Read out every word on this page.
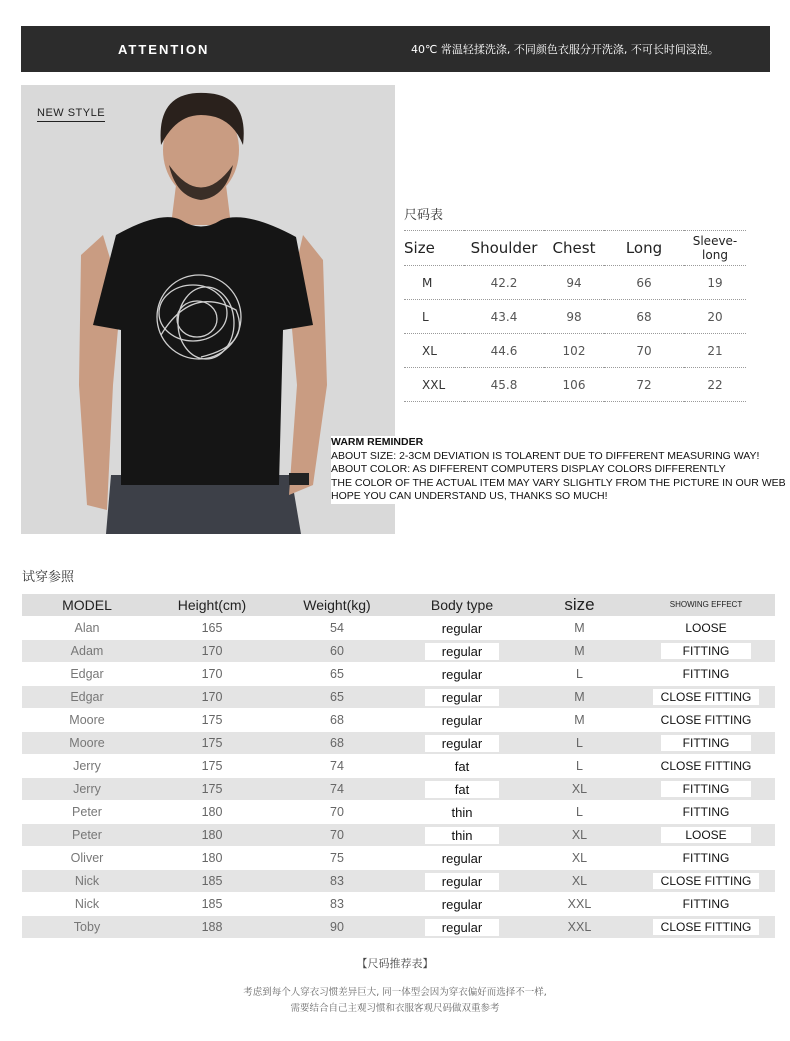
ATTENTION	40℃ 常温轻揉洗涤, 不同颜色衣服分开洗涤, 不可长时间浸泡。
NEW STYLE
尺码表
Size	Shoulder	Chest	Long	Sleeve-long
M	42.2	94	66	19
L	43.4	98	68	20
XL	44.6	102	70	21
XXL	45.8	106	72	22
WARM REMINDER
ABOUT SIZE: 2-3CM DEVIATION IS TOLARENT DUE TO DIFFERENT MEASURING WAY!
ABOUT COLOR: AS DIFFERENT COMPUTERS DISPLAY COLORS DIFFERENTLY
THE COLOR OF THE ACTUAL ITEM MAY VARY SLIGHTLY FROM THE PICTURE IN OUR WEB
HOPE YOU CAN UNDERSTAND US, THANKS SO MUCH!
试穿参照
MODEL	Height(cm)	Weight(kg)	Body type	size	SHOWING EFFECT
Alan	165	54	regular	M	LOOSE
Adam	170	60	regular	M	FITTING
Edgar	170	65	regular	L	FITTING
Edgar	170	65	regular	M	CLOSE FITTING
Moore	175	68	regular	M	CLOSE FITTING
Moore	175	68	regular	L	FITTING
Jerry	175	74	fat	L	CLOSE FITTING
Jerry	175	74	fat	XL	FITTING
Peter	180	70	thin	L	FITTING
Peter	180	70	thin	XL	LOOSE
Oliver	180	75	regular	XL	FITTING
Nick	185	83	regular	XL	CLOSE FITTING
Nick	185	83	regular	XXL	FITTING
Toby	188	90	regular	XXL	CLOSE FITTING
【尺码推荐表】
考虑到每个人穿衣习惯差异巨大, 同一体型会因为穿衣偏好而选择不一样,
需要结合自己主观习惯和衣服客观尺码做双重参考
